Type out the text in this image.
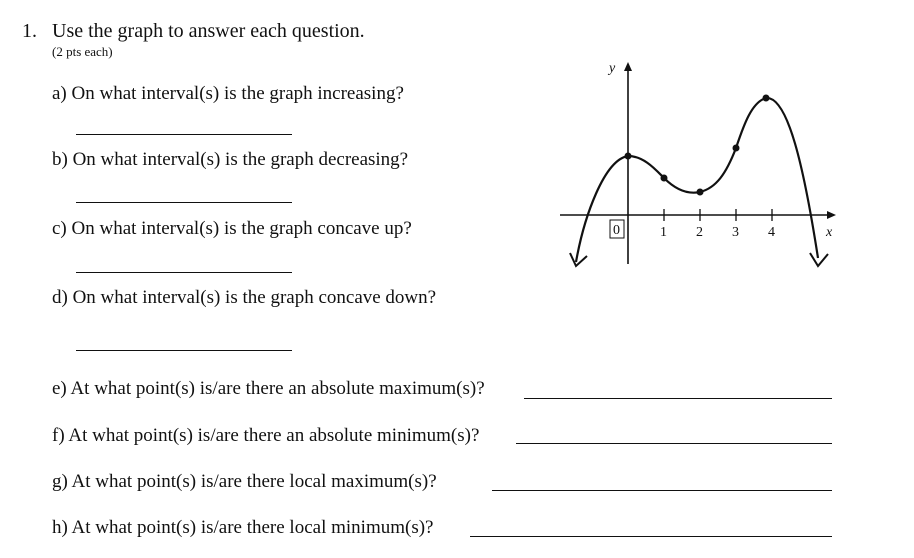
1. Use the graph to answer each question.
(2 pts each)
a) On what interval(s) is the graph increasing?
b) On what interval(s) is the graph decreasing?
c) On what interval(s) is the graph concave up?
d) On what interval(s) is the graph concave down?
e) At what point(s) is/are there an absolute maximum(s)?
f) At what point(s) is/are there an absolute minimum(s)?
g) At what point(s) is/are there local maximum(s)?
h) At what point(s) is/are there local minimum(s)?
y
x
0	1 2 3 4
